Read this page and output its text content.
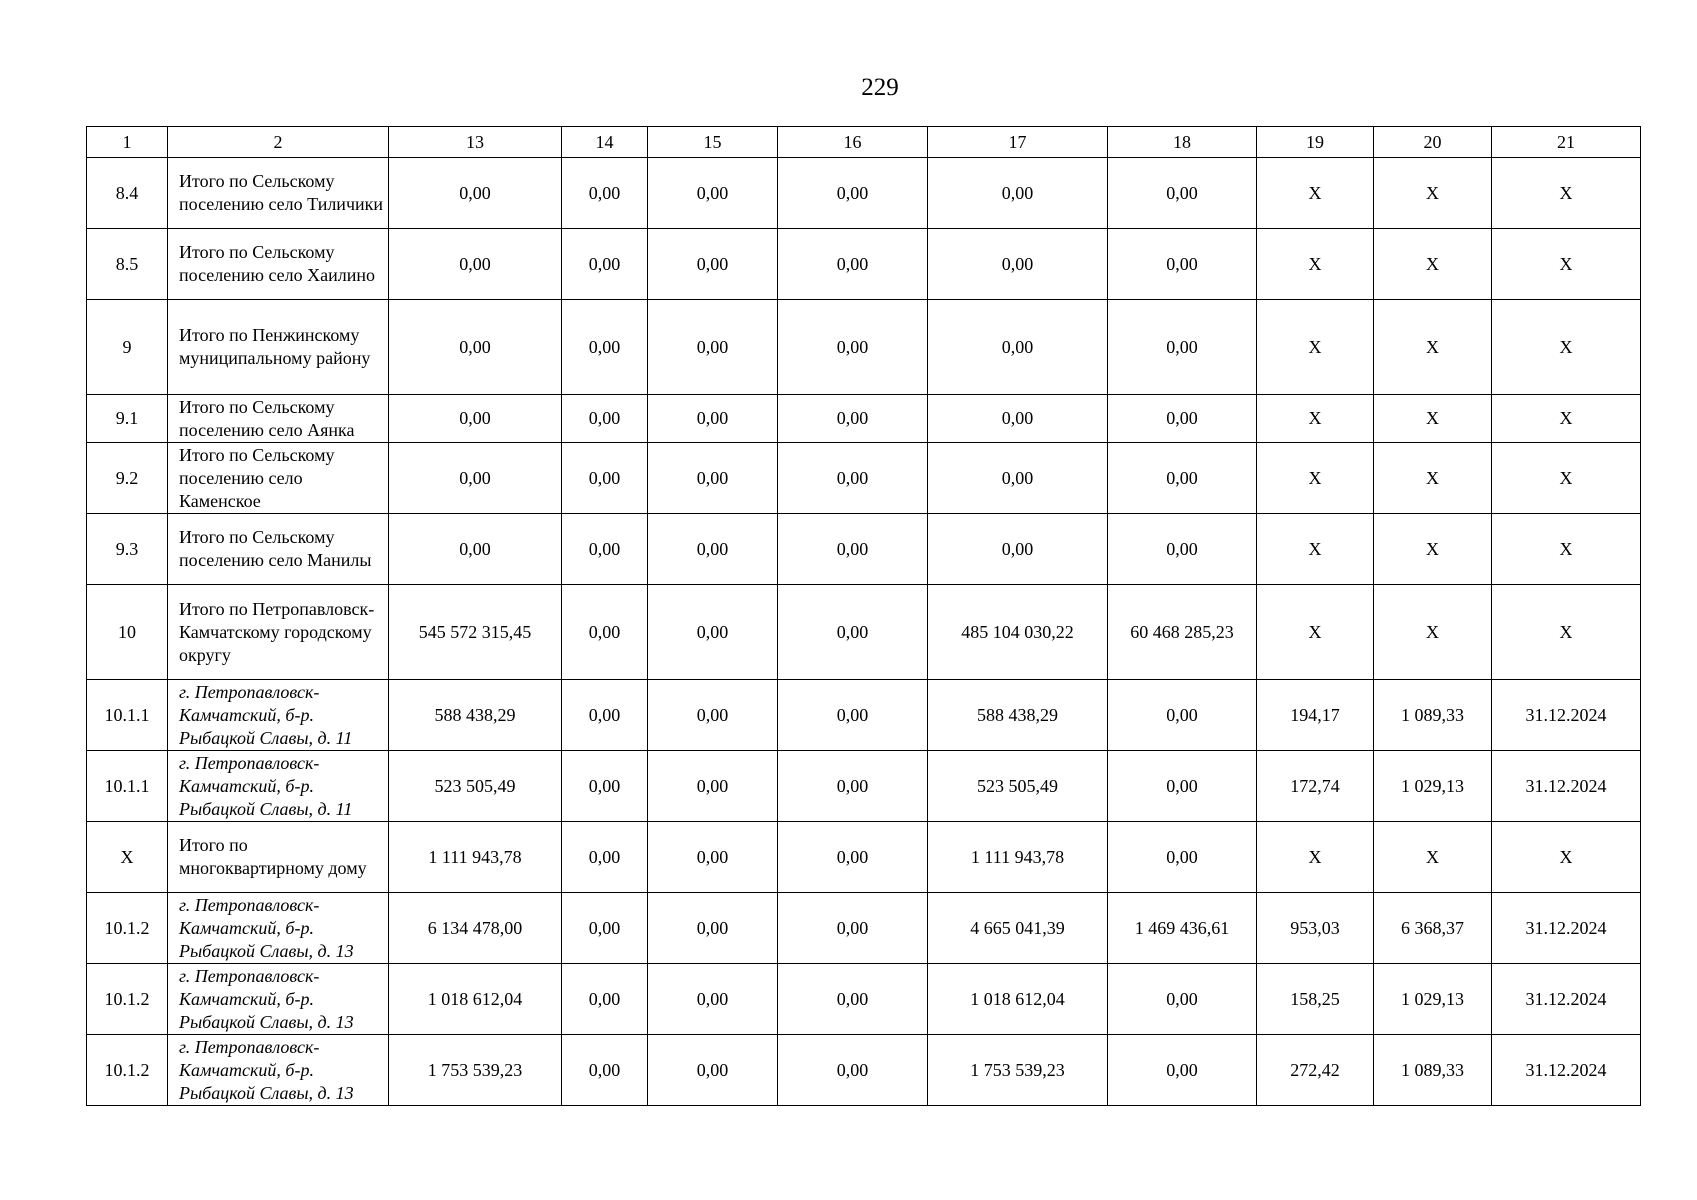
229
1	2	13	14	15	16	17	18	19	20	21
8.4	Итого по Сельскому поселению село Тиличики	0,00	0,00	0,00	0,00	0,00	0,00	Х	Х	Х
8.5	Итого по Сельскому поселению село Хаилино	0,00	0,00	0,00	0,00	0,00	0,00	Х	Х	Х
9	Итого по Пенжинскому муниципальному району	0,00	0,00	0,00	0,00	0,00	0,00	Х	Х	Х
9.1	Итого по Сельскому поселению село Аянка	0,00	0,00	0,00	0,00	0,00	0,00	Х	Х	Х
9.2	Итого по Сельскому поселению село Каменское	0,00	0,00	0,00	0,00	0,00	0,00	Х	Х	Х
9.3	Итого по Сельскому поселению село Манилы	0,00	0,00	0,00	0,00	0,00	0,00	Х	Х	Х
10	Итого по Петропавловск-Камчатскому городскому округу	545 572 315,45	0,00	0,00	0,00	485 104 030,22	60 468 285,23	Х	Х	Х
10.1.1	г. Петропавловск-Камчатский, б-р. Рыбацкой Славы, д. 11	588 438,29	0,00	0,00	0,00	588 438,29	0,00	194,17	1 089,33	31.12.2024
10.1.1	г. Петропавловск-Камчатский, б-р. Рыбацкой Славы, д. 11	523 505,49	0,00	0,00	0,00	523 505,49	0,00	172,74	1 029,13	31.12.2024
Х	Итого по многоквартирному дому	1 111 943,78	0,00	0,00	0,00	1 111 943,78	0,00	Х	Х	Х
10.1.2	г. Петропавловск-Камчатский, б-р. Рыбацкой Славы, д. 13	6 134 478,00	0,00	0,00	0,00	4 665 041,39	1 469 436,61	953,03	6 368,37	31.12.2024
10.1.2	г. Петропавловск-Камчатский, б-р. Рыбацкой Славы, д. 13	1 018 612,04	0,00	0,00	0,00	1 018 612,04	0,00	158,25	1 029,13	31.12.2024
10.1.2	г. Петропавловск-Камчатский, б-р. Рыбацкой Славы, д. 13	1 753 539,23	0,00	0,00	0,00	1 753 539,23	0,00	272,42	1 089,33	31.12.2024
